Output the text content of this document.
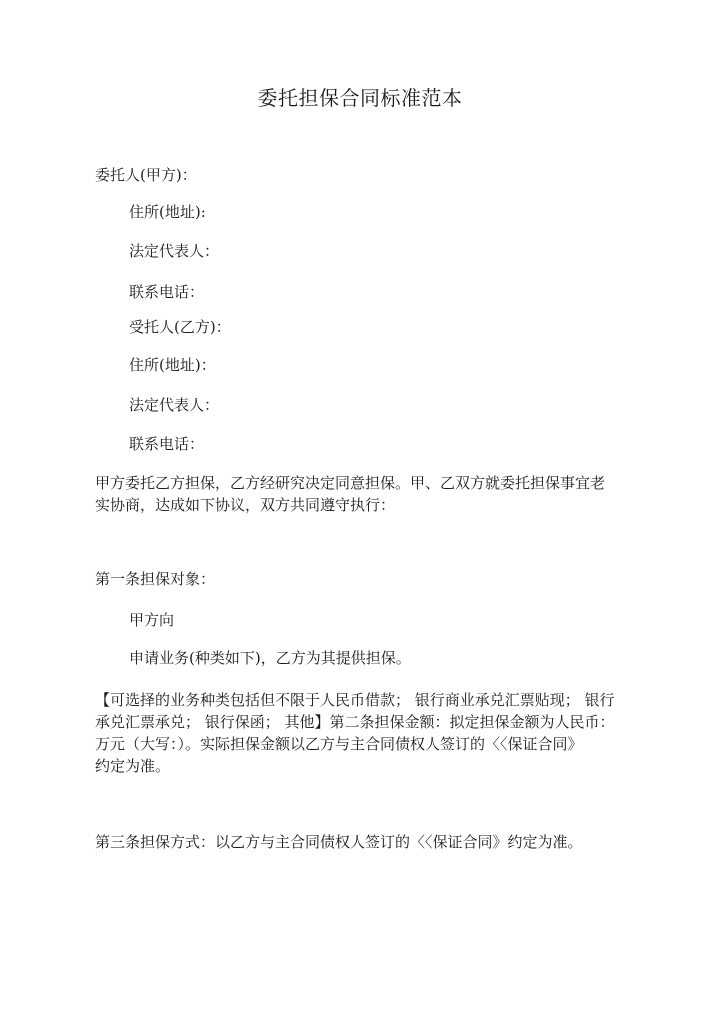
委托担保合同标准范本
委托人(甲方)：
住所(地址):
法定代表人：
联系电话：
受托人(乙方)：
住所(地址)：
法定代表人：
联系电话：
甲方委托乙方担保，乙方经研究决定同意担保。甲、乙双方就委托担保事宜老
实协商，达成如下协议，双方共同遵守执行：
第一条担保对象：
甲方向
申请业务(种类如下)，乙方为其提供担保。
【可选择的业务种类包括但不限于人民币借款； 银行商业承兑汇票贴现； 银行
承兑汇票承兑； 银行保函； 其他】第二条担保金额：拟定担保金额为人民币：
万元（大写：）。实际担保金额以乙方与主合同债权人签订的〈〈保证合同》
约定为准。
第三条担保方式：以乙方与主合同债权人签订的〈〈保证合同》约定为准。
